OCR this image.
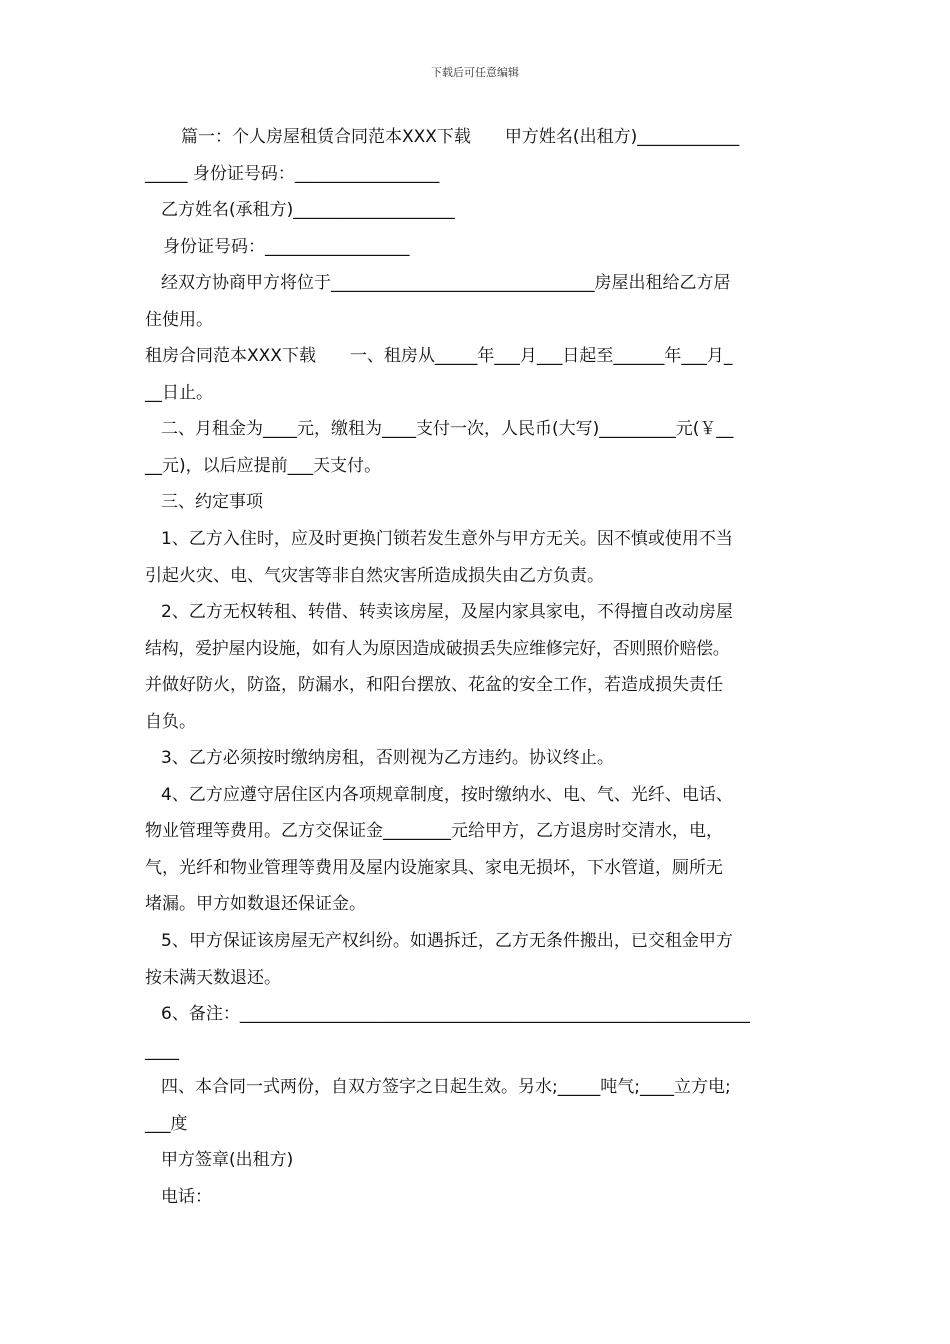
下载后可任意编辑
篇一：个人房屋租赁合同范本XXX下载　　甲方姓名(出租方)____________
_____ 身份证号码：_________________
乙方姓名(承租方)___________________
身份证号码：_________________
经双方协商甲方将位于_______________________________房屋出租给乙方居
住使用。
租房合同范本XXX下载　　一、租房从_____年___月___日起至______年___月_
__日止。
二、月租金为____元，缴租为____支付一次，人民币(大写)_________元(￥__
__元)，以后应提前___天支付。
三、约定事项
1、乙方入住时，应及时更换门锁若发生意外与甲方无关。因不慎或使用不当
引起火灾、电、气灾害等非自然灾害所造成损失由乙方负责。
2、乙方无权转租、转借、转卖该房屋，及屋内家具家电，不得擅自改动房屋
结构，爱护屋内设施，如有人为原因造成破损丢失应维修完好，否则照价赔偿。
并做好防火，防盗，防漏水，和阳台摆放、花盆的安全工作，若造成损失责任
自负。
3、乙方必须按时缴纳房租，否则视为乙方违约。协议终止。
4、乙方应遵守居住区内各项规章制度，按时缴纳水、电、气、光纤、电话、
物业管理等费用。乙方交保证金________元给甲方，乙方退房时交清水，电，
气，光纤和物业管理等费用及屋内设施家具、家电无损坏，下水管道，厕所无
堵漏。甲方如数退还保证金。
5、甲方保证该房屋无产权纠纷。如遇拆迁，乙方无条件搬出，已交租金甲方
按未满天数退还。
6、备注：____________________________________________________________
____
四、本合同一式两份，自双方签字之日起生效。另水;_____吨气;____立方电;
___度
甲方签章(出租方)
电话：
